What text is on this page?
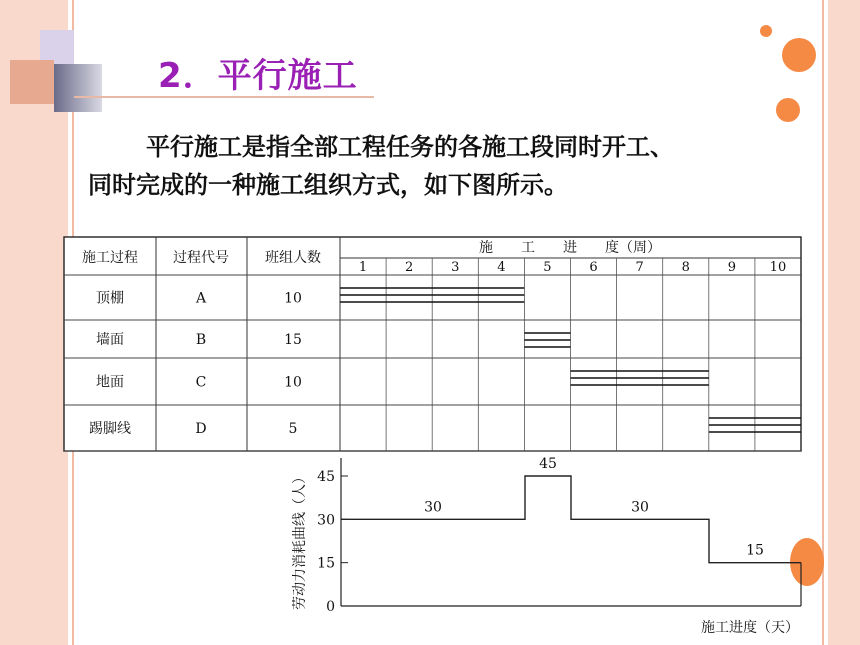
2．平行施工
平行施工是指全部工程任务的各施工段同时开工、
同时完成的一种施工组织方式，如下图所示。
施工过程	过程代号	班组人数
施　　工　　进　　度（周）
1	2	3	4	5	6	7	8	9	10
顶棚	A	10
墙面	B	15
地面	C	10
踢脚线	D	5
0
15
30
45
30
45
30
15
劳动力消耗曲线（人）
施工进度（天）
